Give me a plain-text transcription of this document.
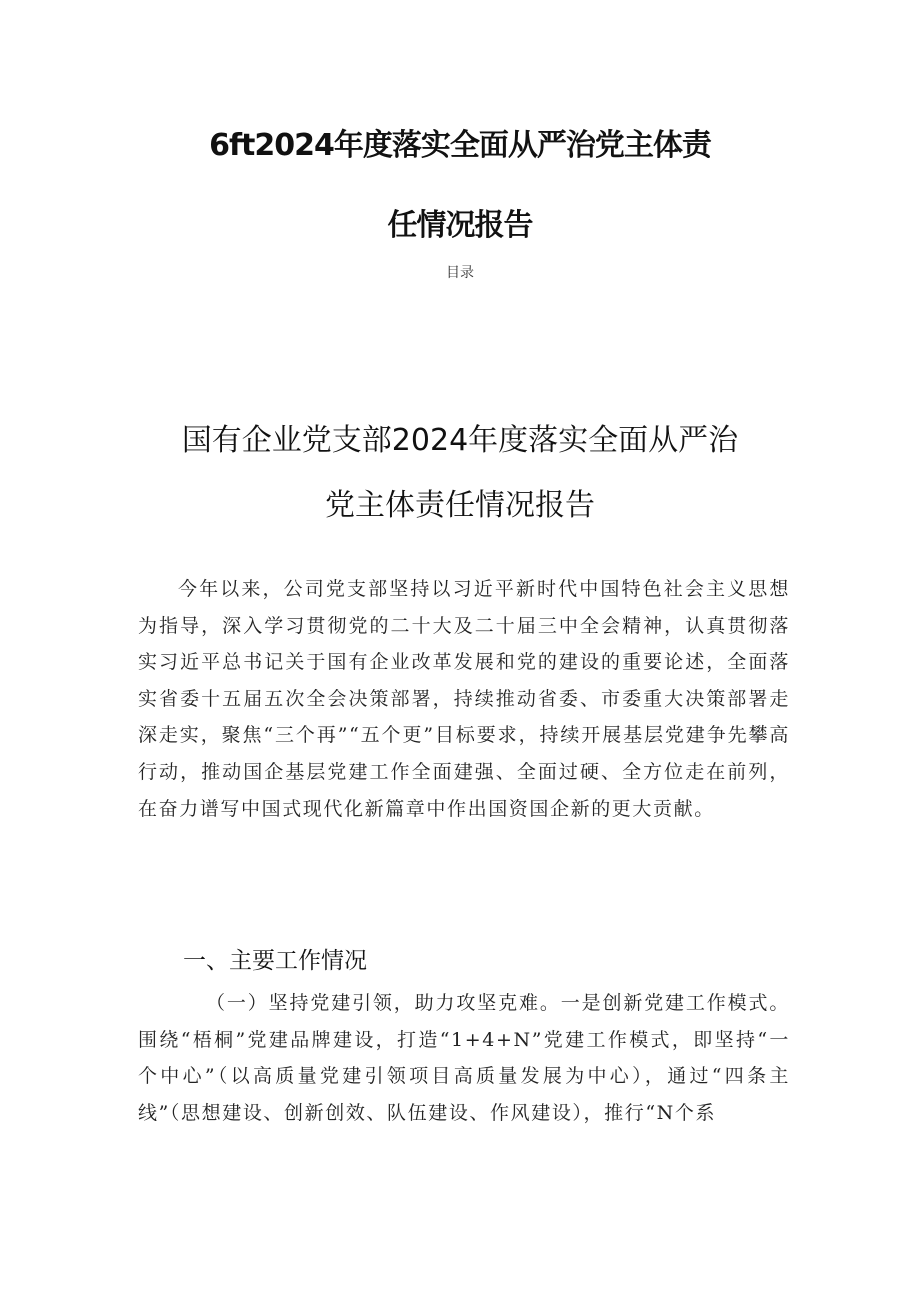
6ft2024年度落实全面从严治党主体责
任情况报告
目录
国有企业党支部2024年度落实全面从严治
党主体责任情况报告

今年以来，公司党支部坚持以习近平新时代中国特色社会主义思想为指导，深入学习贯彻党的二十大及二十届三中全会精神，认真贯彻落实习近平总书记关于国有企业改革发展和党的建设的重要论述，全面落实省委十五届五次全会决策部署，持续推动省委、市委重大决策部署走深走实，聚焦“三个再”“五个更”目标要求，持续开展基层党建争先攀高行动，推动国企基层党建工作全面建强、全面过硬、全方位走在前列，在奋力谱写中国式现代化新篇章中作出国资国企新的更大贡献。

一、主要工作情况

（一）坚持党建引领，助力攻坚克难。一是创新党建工作模式。围绕“梧桐”党建品牌建设，打造“1+4+N”党建工作模式，即坚持“一个中心”（以高质量党建引领项目高质量发展为中心），通过“四条主线”（思想建设、创新创效、队伍建设、作风建设），推行“N个系
